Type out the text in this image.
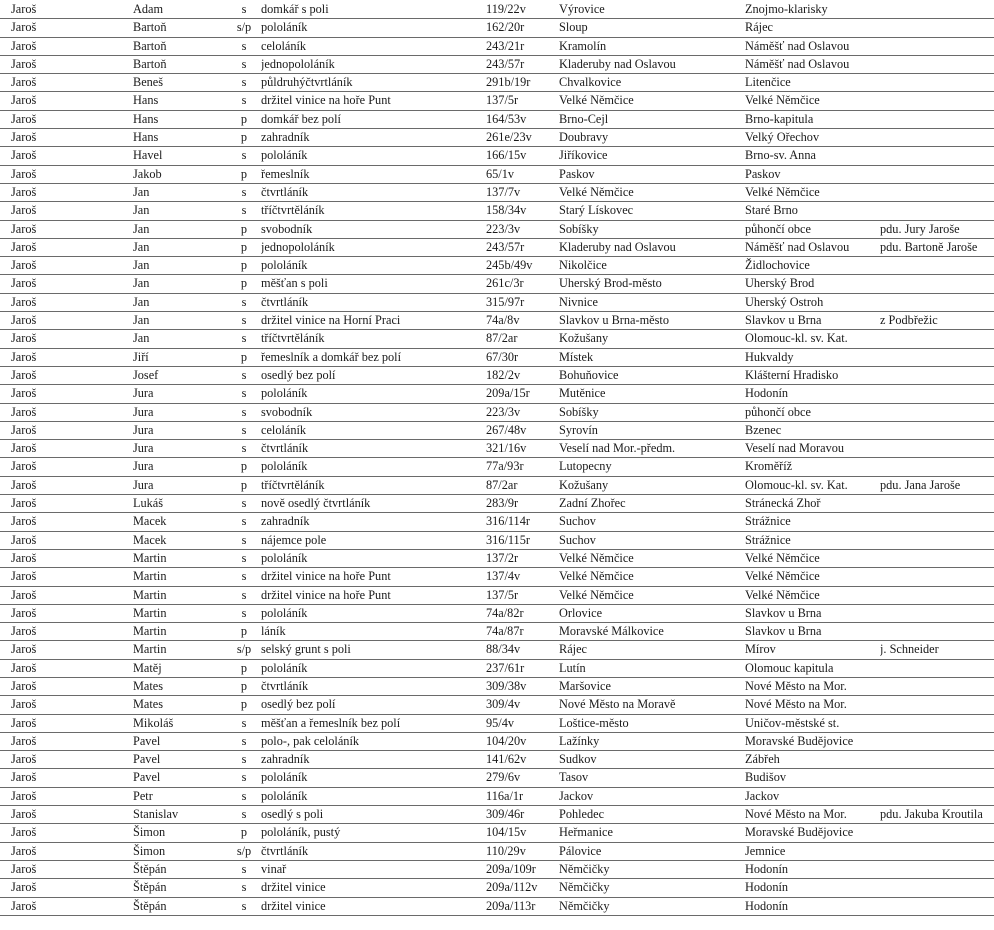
Jaroš	Adam	s	domkář s poli	119/22v	Výrovice	Znojmo-klarisky
Jaroš	Bartoň	s/p pololáník	162/20r	Sloup	Rájec
Jaroš	Bartoň	s	celoláník	243/21r	Kramolín	Náměšť nad Oslavou
Jaroš	Bartoň	s	jednopololáník	243/57r	Kladeruby nad Oslavou	Náměšť nad Oslavou
Jaroš	Beneš	s	půldruhýčtvrtláník	291b/19r	Chvalkovice	Litenčice
Jaroš	Hans	s	držitel vinice na hoře Punt	137/5r	Velké Němčice	Velké Němčice
Jaroš	Hans	p	domkář bez polí	164/53v	Brno-Cejl	Brno-kapitula
Jaroš	Hans	p	zahradník	261e/23v	Doubravy	Velký Ořechov
Jaroš	Havel	s	pololáník	166/15v	Jiříkovice	Brno-sv. Anna
Jaroš	Jakob	p	řemeslník	65/1v	Paskov	Paskov
Jaroš	Jan	s	čtvrtláník	137/7v	Velké Němčice	Velké Němčice
Jaroš	Jan	s	tříčtvrtěláník	158/34v	Starý Lískovec	Staré Brno
Jaroš	Jan	p	svobodník	223/3v	Sobíšky	půhončí obce	pdu. Jury Jaroše
Jaroš	Jan	p	jednopololáník	243/57r	Kladeruby nad Oslavou	Náměšť nad Oslavou	pdu. Bartoně Jaroše
Jaroš	Jan	p	pololáník	245b/49v	Nikolčice	Židlochovice
Jaroš	Jan	p	měšťan s poli	261c/3r	Uherský Brod-město	Uherský Brod
Jaroš	Jan	s	čtvrtláník	315/97r	Nivnice	Uherský Ostroh
Jaroš	Jan	s	držitel vinice na Horní Praci	74a/8v	Slavkov u Brna-město	Slavkov u Brna	z Podbřežic
Jaroš	Jan	s	tříčtvrtěláník	87/2ar	Kožušany	Olomouc-kl. sv. Kat.
Jaroš	Jiří	p	řemeslník a domkář bez polí	67/30r	Místek	Hukvaldy
Jaroš	Josef	s	osedlý bez polí	182/2v	Bohuňovice	Klášterní Hradisko
Jaroš	Jura	s	pololáník	209a/15r	Mutěnice	Hodonín
Jaroš	Jura	s	svobodník	223/3v	Sobíšky	půhončí obce
Jaroš	Jura	s	celoláník	267/48v	Syrovín	Bzenec
Jaroš	Jura	s	čtvrtláník	321/16v	Veselí nad Mor.-předm.	Veselí nad Moravou
Jaroš	Jura	p	pololáník	77a/93r	Lutopecny	Kroměříž
Jaroš	Jura	p	tříčtvrtěláník	87/2ar	Kožušany	Olomouc-kl. sv. Kat.	pdu. Jana Jaroše
Jaroš	Lukáš	s	nově osedlý čtvrtláník	283/9r	Zadní Zhořec	Stránecká Zhoř
Jaroš	Macek	s	zahradník	316/114r	Suchov	Strážnice
Jaroš	Macek	s	nájemce pole	316/115r	Suchov	Strážnice
Jaroš	Martin	s	pololáník	137/2r	Velké Němčice	Velké Němčice
Jaroš	Martin	s	držitel vinice na hoře Punt	137/4v	Velké Němčice	Velké Němčice
Jaroš	Martin	s	držitel vinice na hoře Punt	137/5r	Velké Němčice	Velké Němčice
Jaroš	Martin	s	pololáník	74a/82r	Orlovice	Slavkov u Brna
Jaroš	Martin	p	láník	74a/87r	Moravské Málkovice	Slavkov u Brna
Jaroš	Martin	s/p selský grunt s poli	88/34v	Rájec	Mírov	j. Schneider
Jaroš	Matěj	p	pololáník	237/61r	Lutín	Olomouc kapitula
Jaroš	Mates	p	čtvrtláník	309/38v	Maršovice	Nové Město na Mor.
Jaroš	Mates	p	osedlý bez polí	309/4v	Nové Město na Moravě	Nové Město na Mor.
Jaroš	Mikoláš	s	měšťan a řemeslník bez polí	95/4v	Loštice-město	Uničov-městské st.
Jaroš	Pavel	s	polo-, pak celoláník	104/20v	Lažínky	Moravské Budějovice
Jaroš	Pavel	s	zahradník	141/62v	Sudkov	Zábřeh
Jaroš	Pavel	s	pololáník	279/6v	Tasov	Budišov
Jaroš	Petr	s	pololáník	116a/1r	Jackov	Jackov
Jaroš	Stanislav	s	osedlý s poli	309/46r	Pohledec	Nové Město na Mor.	pdu. Jakuba Kroutila
Jaroš	Šimon	p	pololáník, pustý	104/15v	Heřmanice	Moravské Budějovice
Jaroš	Šimon	s/p čtvrtláník	110/29v	Pálovice	Jemnice
Jaroš	Štěpán	s	vinař	209a/109r	Němčičky	Hodonín
Jaroš	Štěpán	s	držitel vinice	209a/112v	Němčičky	Hodonín
Jaroš	Štěpán	s	držitel vinice	209a/113r	Němčičky	Hodonín
